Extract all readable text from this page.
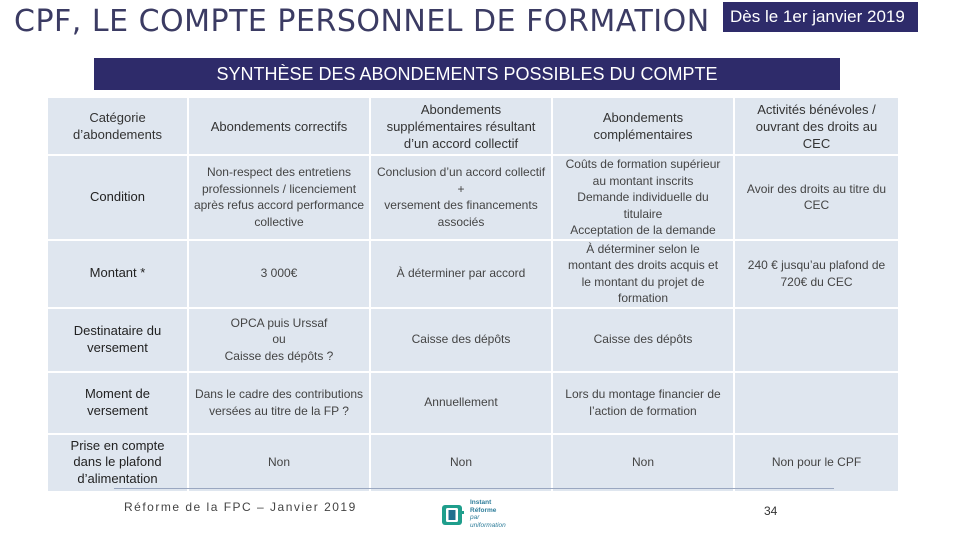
CPF, LE COMPTE PERSONNEL DE FORMATION	Dès le 1er janvier 2019
SYNTHÈSE DES ABONDEMENTS POSSIBLES DU COMPTE
Catégorie
d’abondements	Abondements correctifs	Abondements
supplémentaires résultant
d’un accord collectif	Abondements
complémentaires	Activités bénévoles /
ouvrant des droits au
CEC

Condition	Non-respect des entretiens
professionnels / licenciement
après refus accord performance
collective	Conclusion d’un accord collectif +
versement des financements
associés	Coûts de formation supérieur
au montant inscrits
Demande individuelle du
titulaire
Acceptation de la demande	Avoir des droits au titre du
CEC

Montant *	3 000€	À déterminer par accord	À déterminer selon le
montant des droits acquis et
le montant du projet de
formation	240 € jusqu’au plafond de
720€ du CEC

Destinataire du
versement	OPCA puis Urssaf
ou
Caisse des dépôts ?	Caisse des dépôts	Caisse des dépôts	

Moment de
versement	Dans le cadre des contributions
versées au titre de la FP ?	Annuellement	Lors du montage financier de
l’action de formation	

Prise en compte
dans le plafond
d’alimentation	Non	Non	Non	Non pour le CPF
Réforme de la FPC – Janvier 2019	Instant
Réforme
par uniformation
34
